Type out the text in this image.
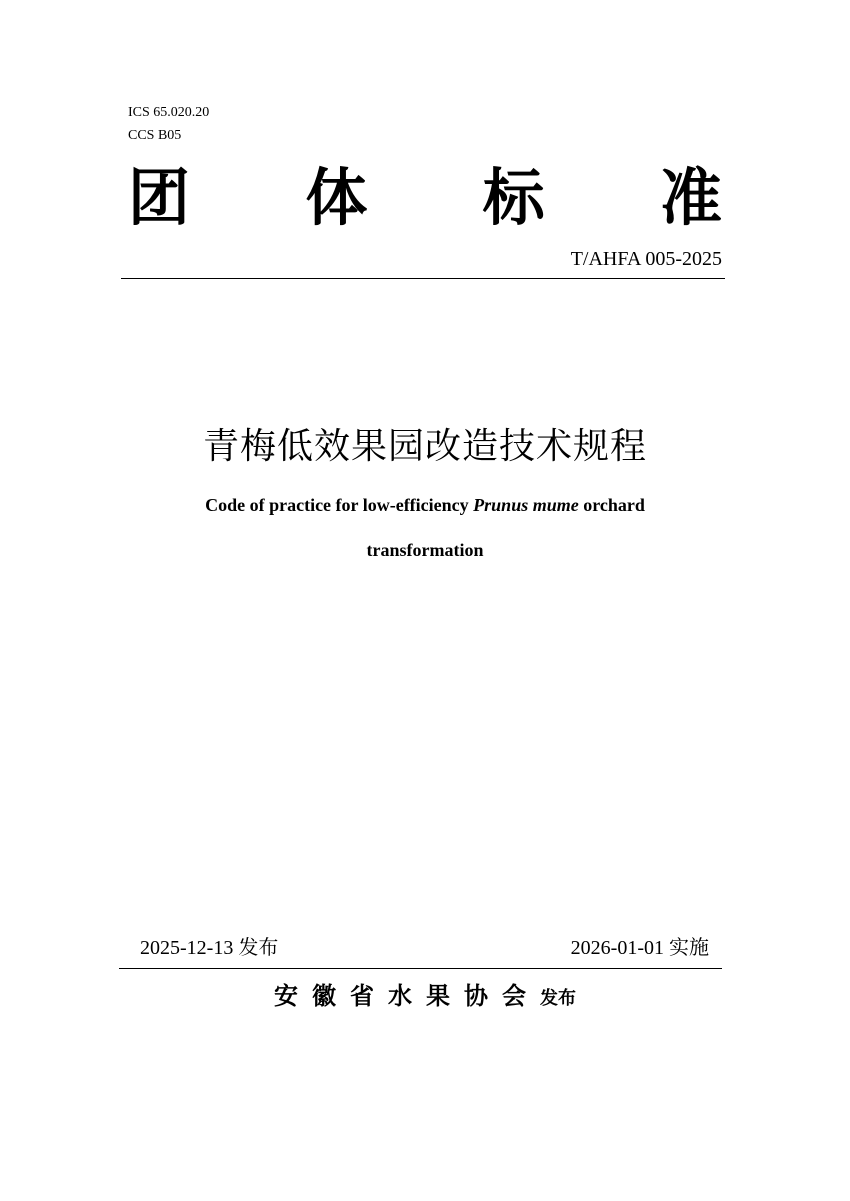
ICS 65.020.20
CCS B05
团 体 标 准
T/AHFA 005-2025
青梅低效果园改造技术规程
Code of practice for low-efficiency Prunus mume orchard
transformation
2025-12-13 发布	2026-01-01 实施
安徽省水果协会发布
